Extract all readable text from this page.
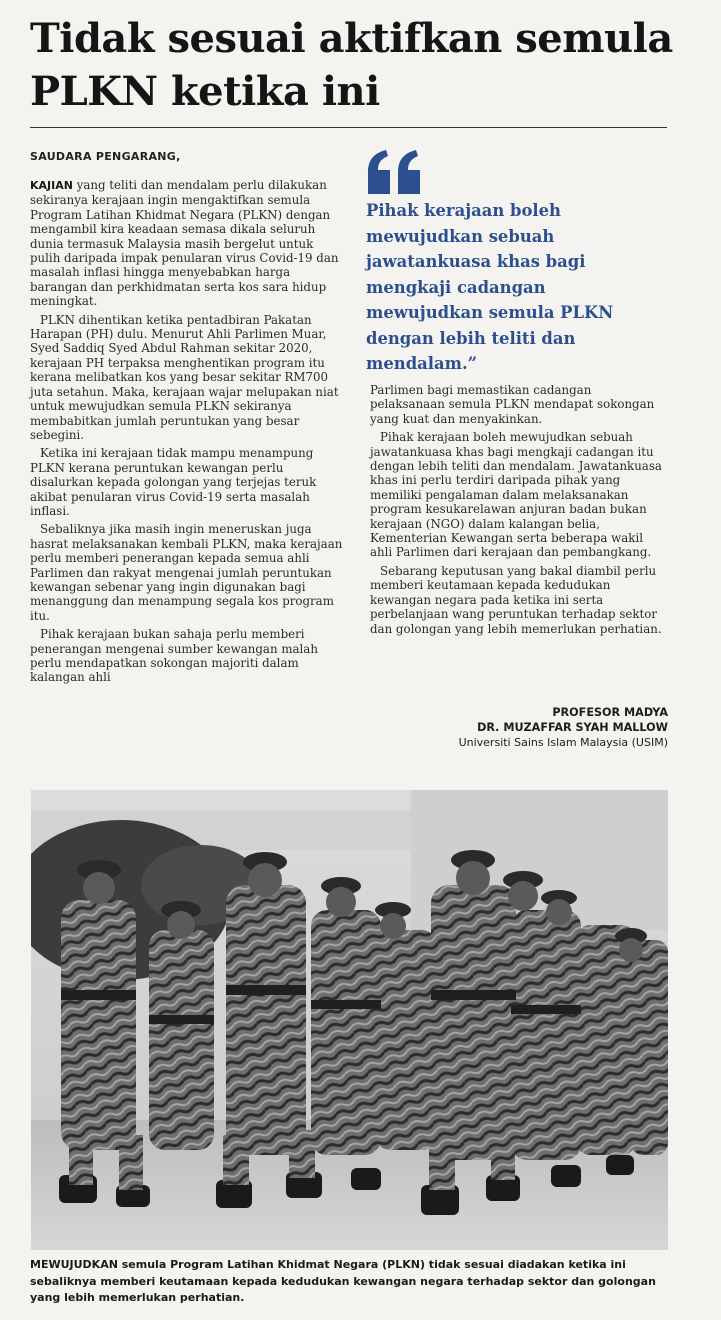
Tidak sesuai aktifkan semula PLKN ketika ini
SAUDARA PENGARANG,

KAJIAN yang teliti dan mendalam perlu dilakukan sekiranya kerajaan ingin mengaktifkan semula Program Latihan Khidmat Negara (PLKN) dengan mengambil kira keadaan semasa dikala seluruh dunia termasuk Malaysia masih bergelut untuk pulih daripada impak penularan virus Covid-19 dan masalah inflasi hingga menyebabkan harga barangan dan perkhidmatan serta kos sara hidup meningkat.

PLKN dihentikan ketika pentadbiran Pakatan Harapan (PH) dulu. Menurut Ahli Parlimen Muar, Syed Saddiq Syed Abdul Rahman sekitar 2020, kerajaan PH terpaksa menghentikan program itu kerana melibatkan kos yang besar sekitar RM700 juta setahun. Maka, kerajaan wajar melupakan niat untuk mewujudkan semula PLKN sekiranya membabitkan jumlah peruntukan yang besar sebegini.

Ketika ini kerajaan tidak mampu menampung PLKN kerana peruntukan kewangan perlu disalurkan kepada golongan yang terjejas teruk akibat penularan virus Covid-19 serta masalah inflasi.

Sebaliknya jika masih ingin meneruskan juga hasrat melaksanakan kembali PLKN, maka kerajaan perlu memberi penerangan kepada semua ahli Parlimen dan rakyat mengenai jumlah peruntukan kewangan sebenar yang ingin digunakan bagi menanggung dan menampung segala kos program itu.

Pihak kerajaan bukan sahaja perlu memberi penerangan mengenai sumber kewangan malah perlu mendapatkan sokongan majoriti dalam kalangan ahli

Pihak kerajaan boleh mewujudkan sebuah jawatankuasa khas bagi mengkaji cadangan mewujudkan semula PLKN dengan lebih teliti dan mendalam.”

Parlimen bagi memastikan cadangan pelaksanaan semula PLKN mendapat sokongan yang kuat dan menyakinkan.

Pihak kerajaan boleh mewujudkan sebuah jawatankuasa khas bagi mengkaji cadangan itu dengan lebih teliti dan mendalam. Jawatankuasa khas ini perlu terdiri daripada pihak yang memiliki pengalaman dalam melaksanakan program kesukarelawan anjuran badan bukan kerajaan (NGO) dalam kalangan belia, Kementerian Kewangan serta beberapa wakil ahli Parlimen dari kerajaan dan pembangkang.

Sebarang keputusan yang bakal diambil perlu memberi keutamaan kepada kedudukan kewangan negara pada ketika ini serta perbelanjaan wang peruntukan terhadap sektor dan golongan yang lebih memerlukan perhatian.

PROFESOR MADYA
DR. MUZAFFAR SYAH MALLOW
Universiti Sains Islam Malaysia (USIM)

MEWUJUDKAN semula Program Latihan Khidmat Negara (PLKN) tidak sesuai diadakan ketika ini sebaliknya memberi keutamaan kepada kedudukan kewangan negara terhadap sektor dan golongan yang lebih memerlukan perhatian.
